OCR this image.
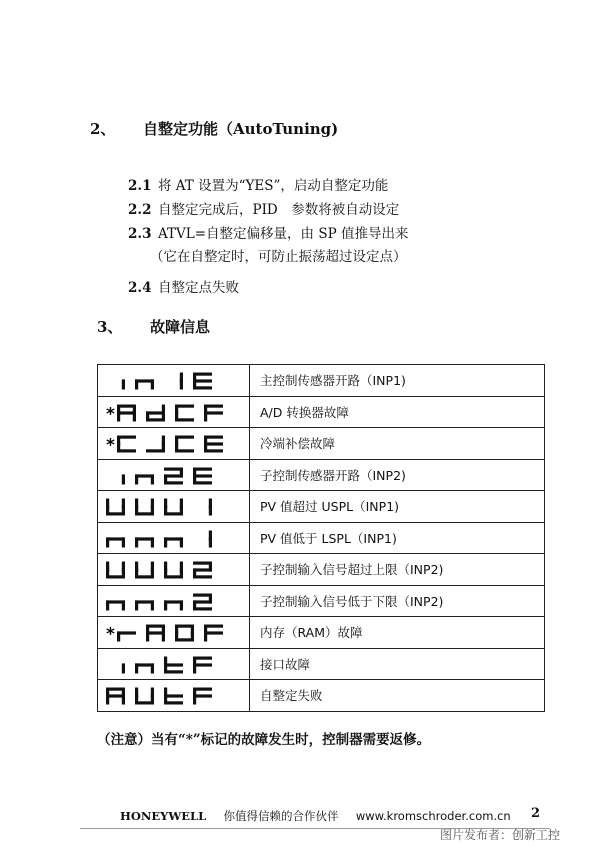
2、 自整定功能（AutoTuning)
2.1 将 AT 设置为“YES”，启动自整定功能
2.2 自整定完成后，PID　参数将被自动设定
2.3 ATVL=自整定偏移量，由 SP 值推导出来
（它在自整定时，可防止振荡超过设定点）
2.4 自整定点失败
3、 故障信息
	主控制传感器开路（INP1)

*	A/D 转换器故障

*	冷端补偿故障

	子控制传感器开路（INP2)

	PV 值超过 USPL（INP1)

	PV 值低于 LSPL（INP1)

	子控制输入信号超过上限（INP2)

	子控制输入信号低于下限（INP2)

*	内存（RAM）故障

	接口故障

	自整定失败
（注意）当有“*”标记的故障发生时，控制器需要返修。
HONEYWELL 你值得信赖的合作伙伴 www.kromschroder.com.cn 2
图片发布者：创新工控
